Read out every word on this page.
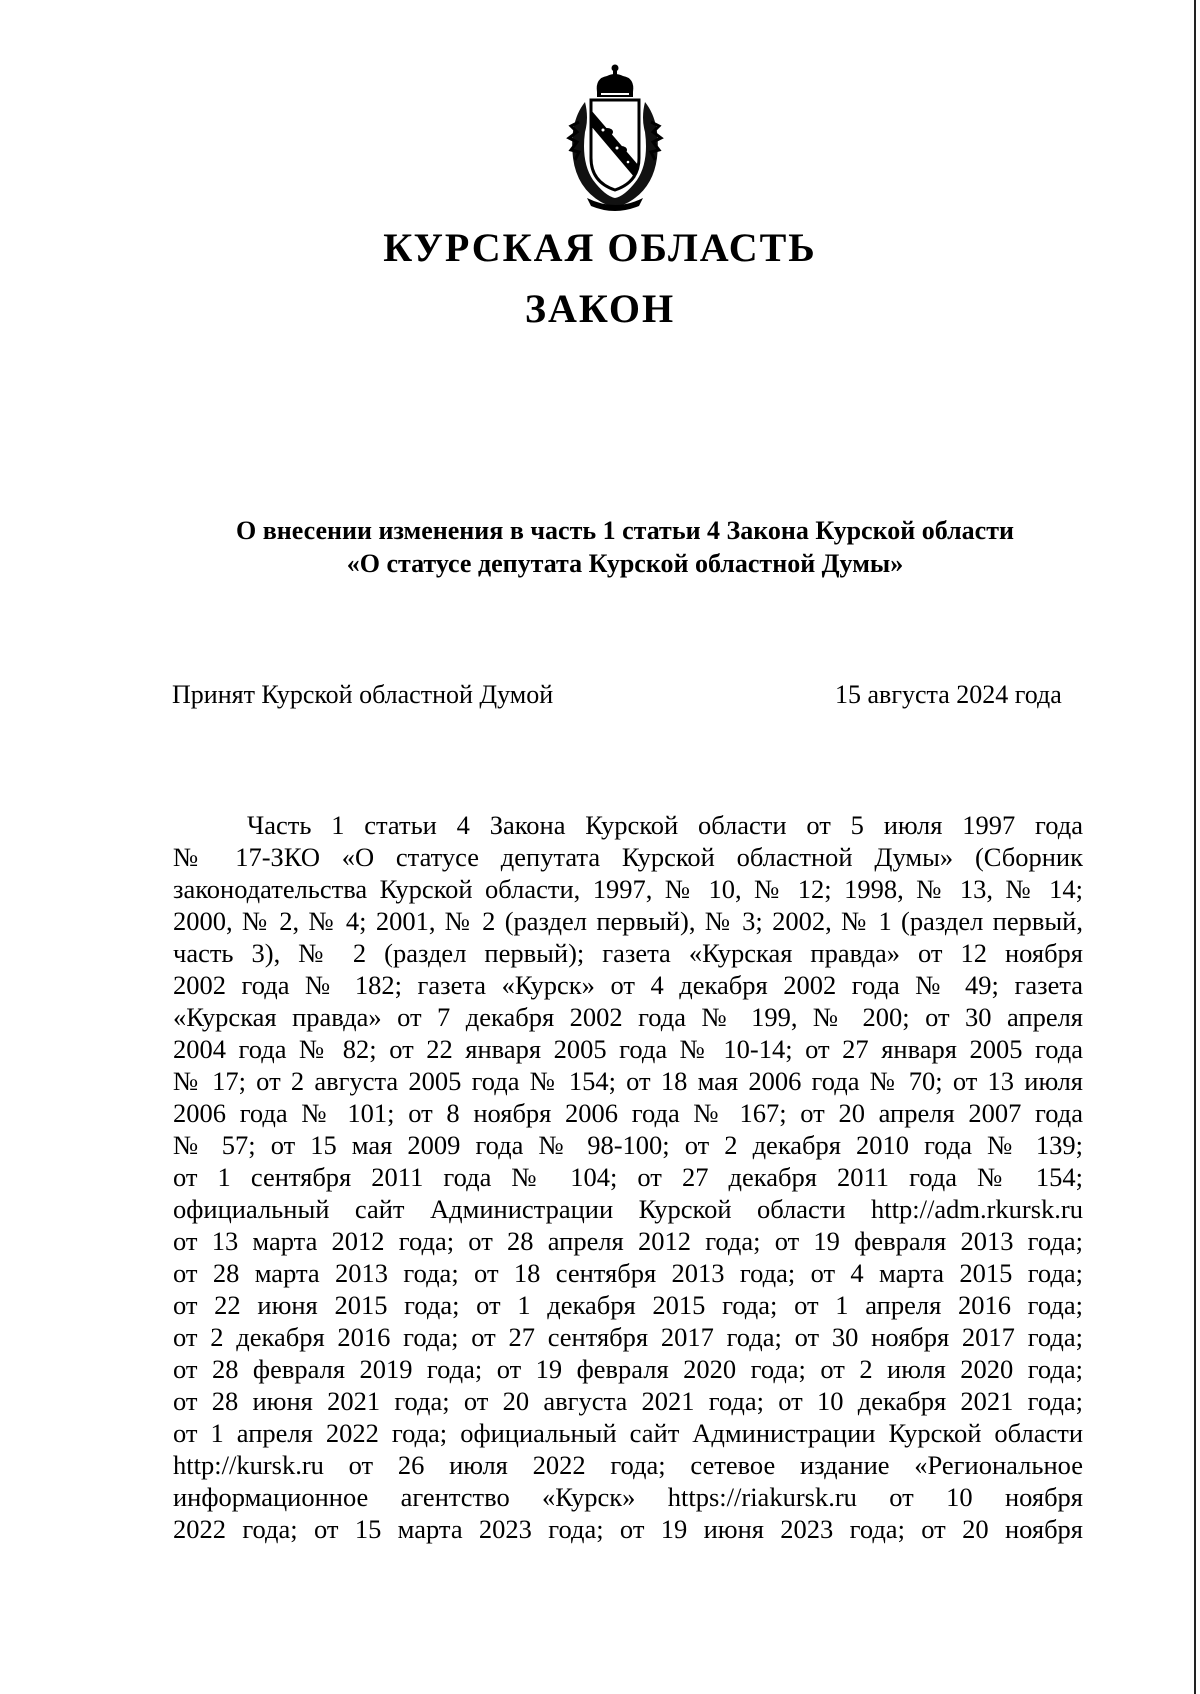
КУРСКАЯ ОБЛАСТЬ
ЗАКОН
О внесении изменения в часть 1 статьи 4 Закона Курской области
«О статусе депутата Курской областной Думы»
Принят Курской областной Думой	15 августа 2024 года
Часть 1 статьи 4 Закона Курской области от 5 июля 1997 года
№ 17-ЗКО «О статусе депутата Курской областной Думы» (Сборник
законодательства Курской области, 1997, № 10, № 12; 1998, № 13, № 14;
2000, № 2, № 4; 2001, № 2 (раздел первый), № 3; 2002, № 1 (раздел первый,
часть 3), № 2 (раздел первый); газета «Курская правда» от 12 ноября
2002 года № 182; газета «Курск» от 4 декабря 2002 года № 49; газета
«Курская правда» от 7 декабря 2002 года № 199, № 200; от 30 апреля
2004 года № 82; от 22 января 2005 года № 10-14; от 27 января 2005 года
№ 17; от 2 августа 2005 года № 154; от 18 мая 2006 года № 70; от 13 июля
2006 года № 101; от 8 ноября 2006 года № 167; от 20 апреля 2007 года
№ 57; от 15 мая 2009 года № 98-100; от 2 декабря 2010 года № 139;
от 1 сентября 2011 года № 104; от 27 декабря 2011 года № 154;
официальный сайт Администрации Курской области http://adm.rkursk.ru
от 13 марта 2012 года; от 28 апреля 2012 года; от 19 февраля 2013 года;
от 28 марта 2013 года; от 18 сентября 2013 года; от 4 марта 2015 года;
от 22 июня 2015 года; от 1 декабря 2015 года; от 1 апреля 2016 года;
от 2 декабря 2016 года; от 27 сентября 2017 года; от 30 ноября 2017 года;
от 28 февраля 2019 года; от 19 февраля 2020 года; от 2 июля 2020 года;
от 28 июня 2021 года; от 20 августа 2021 года; от 10 декабря 2021 года;
от 1 апреля 2022 года; официальный сайт Администрации Курской области
http://kursk.ru от 26 июля 2022 года; сетевое издание «Региональное
информационное агентство «Курск» https://riakursk.ru от 10 ноября
2022 года; от 15 марта 2023 года; от 19 июня 2023 года; от 20 ноября
